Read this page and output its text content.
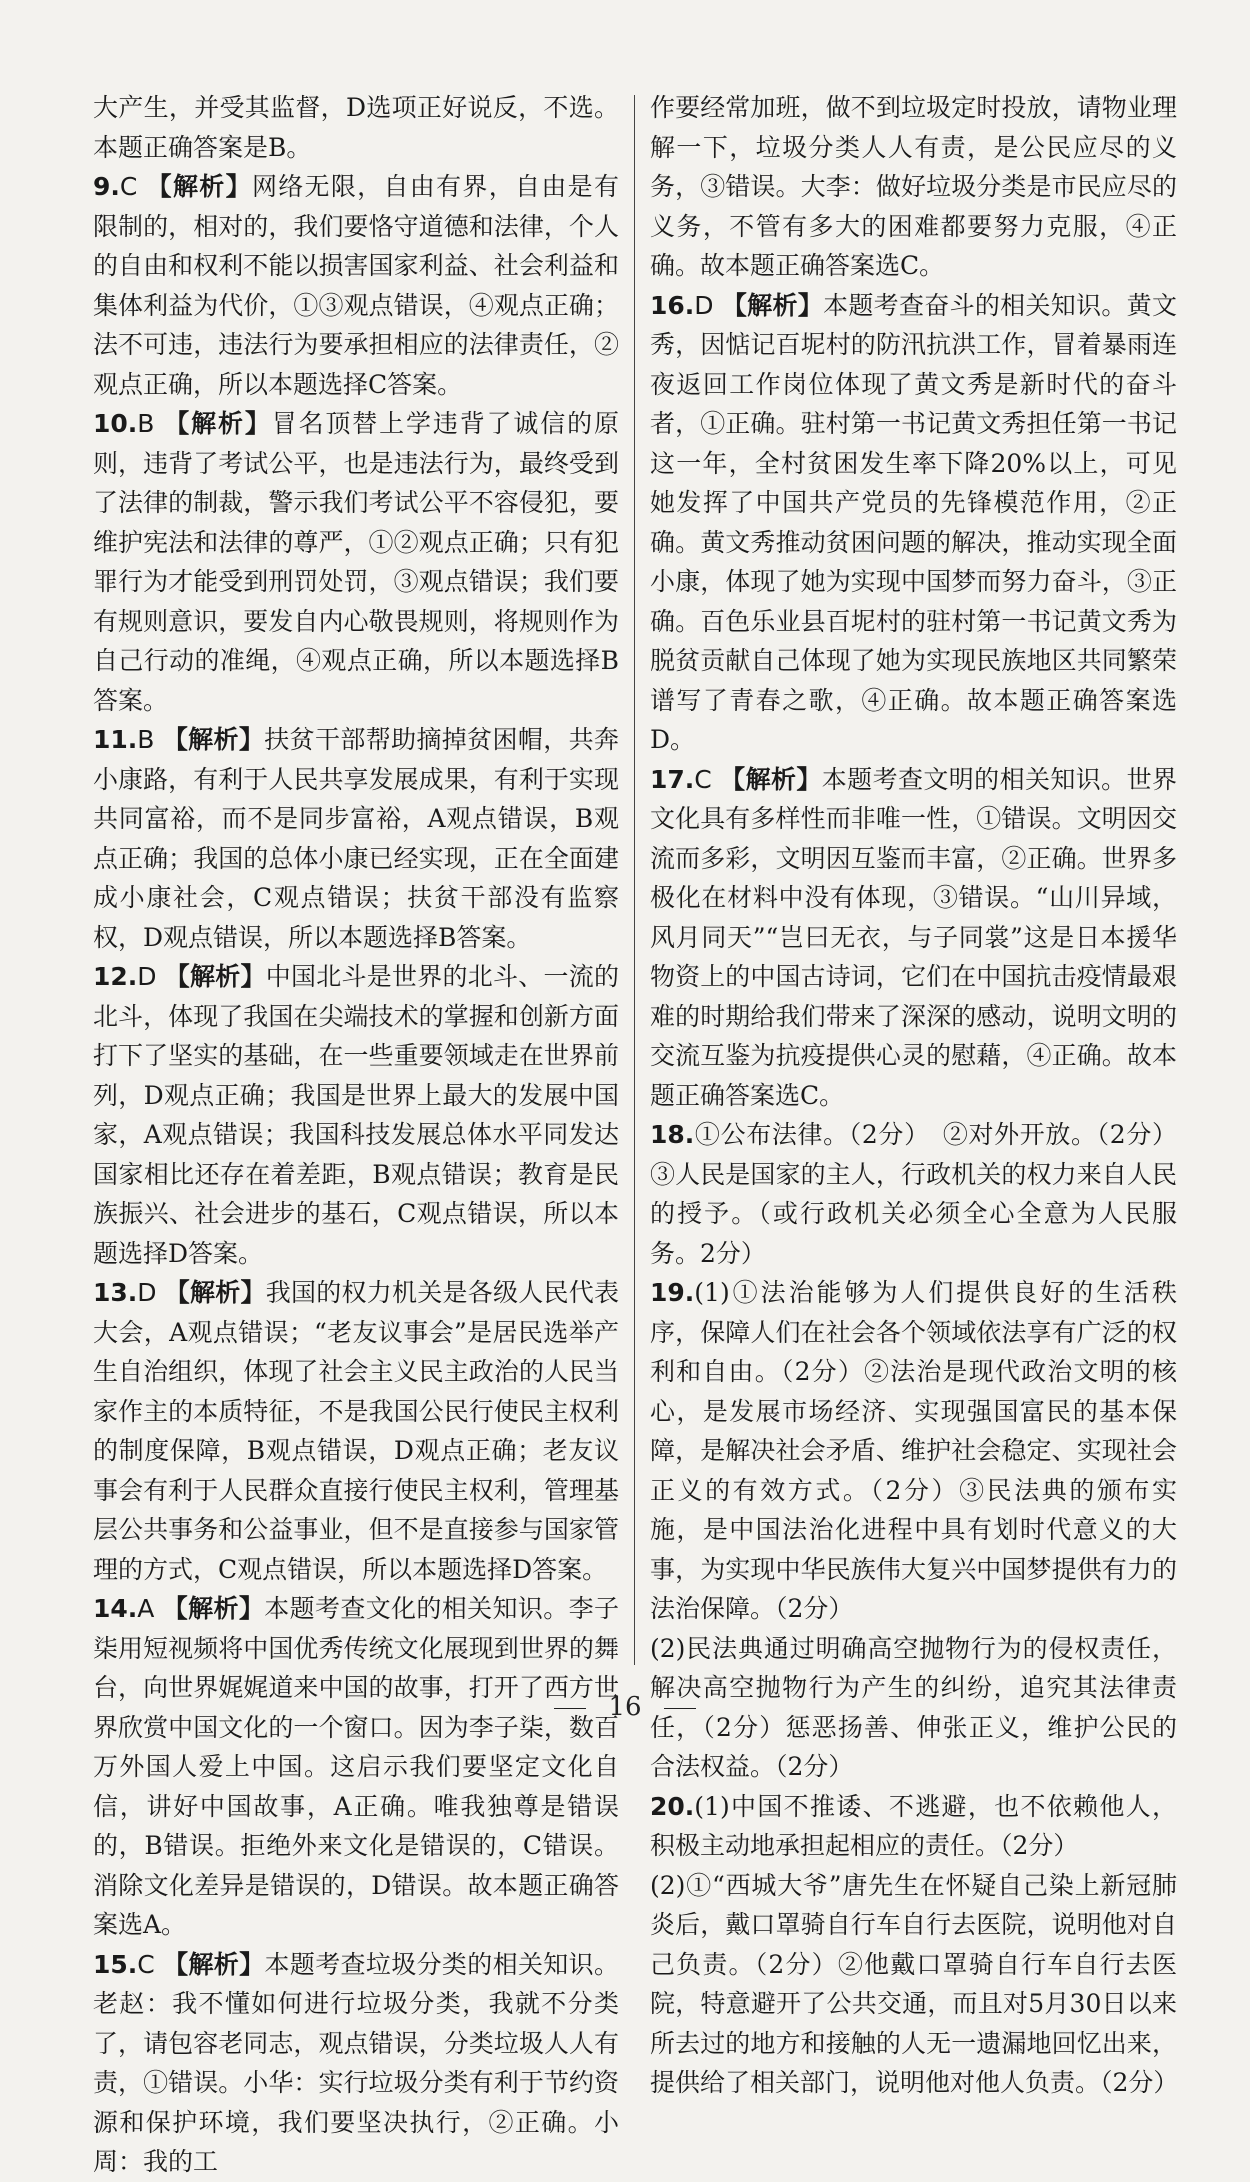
大产生，并受其监督，D选项正好说反，不选。本题正确答案是B。

9.C 【解析】网络无限，自由有界，自由是有限制的，相对的，我们要恪守道德和法律，个人的自由和权利不能以损害国家利益、社会利益和集体利益为代价，①③观点错误，④观点正确；法不可违，违法行为要承担相应的法律责任，②观点正确，所以本题选择C答案。

10.B 【解析】冒名顶替上学违背了诚信的原则，违背了考试公平，也是违法行为，最终受到了法律的制裁，警示我们考试公平不容侵犯，要维护宪法和法律的尊严，①②观点正确；只有犯罪行为才能受到刑罚处罚，③观点错误；我们要有规则意识，要发自内心敬畏规则，将规则作为自己行动的准绳，④观点正确，所以本题选择B答案。

11.B 【解析】扶贫干部帮助摘掉贫困帽，共奔小康路，有利于人民共享发展成果，有利于实现共同富裕，而不是同步富裕，A观点错误，B观点正确；我国的总体小康已经实现，正在全面建成小康社会，C观点错误；扶贫干部没有监察权，D观点错误，所以本题选择B答案。

12.D 【解析】中国北斗是世界的北斗、一流的北斗，体现了我国在尖端技术的掌握和创新方面打下了坚实的基础，在一些重要领域走在世界前列，D观点正确；我国是世界上最大的发展中国家，A观点错误；我国科技发展总体水平同发达国家相比还存在着差距，B观点错误；教育是民族振兴、社会进步的基石，C观点错误，所以本题选择D答案。

13.D 【解析】我国的权力机关是各级人民代表大会，A观点错误；“老友议事会”是居民选举产生自治组织，体现了社会主义民主政治的人民当家作主的本质特征，不是我国公民行使民主权利的制度保障，B观点错误，D观点正确；老友议事会有利于人民群众直接行使民主权利，管理基层公共事务和公益事业，但不是直接参与国家管理的方式，C观点错误，所以本题选择D答案。

14.A 【解析】本题考查文化的相关知识。李子柒用短视频将中国优秀传统文化展现到世界的舞台，向世界娓娓道来中国的故事，打开了西方世界欣赏中国文化的一个窗口。因为李子柒，数百万外国人爱上中国。这启示我们要坚定文化自信，讲好中国故事，A正确。唯我独尊是错误的，B错误。拒绝外来文化是错误的，C错误。消除文化差异是错误的，D错误。故本题正确答案选A。

15.C 【解析】本题考查垃圾分类的相关知识。老赵：我不懂如何进行垃圾分类，我就不分类了，请包容老同志，观点错误，分类垃圾人人有责，①错误。小华：实行垃圾分类有利于节约资源和保护环境，我们要坚决执行，②正确。小周：我的工

作要经常加班，做不到垃圾定时投放，请物业理解一下，垃圾分类人人有责，是公民应尽的义务，③错误。大李：做好垃圾分类是市民应尽的义务，不管有多大的困难都要努力克服，④正确。故本题正确答案选C。

16.D 【解析】本题考查奋斗的相关知识。黄文秀，因惦记百坭村的防汛抗洪工作，冒着暴雨连夜返回工作岗位体现了黄文秀是新时代的奋斗者，①正确。驻村第一书记黄文秀担任第一书记这一年，全村贫困发生率下降20%以上，可见她发挥了中国共产党员的先锋模范作用，②正确。黄文秀推动贫困问题的解决，推动实现全面小康，体现了她为实现中国梦而努力奋斗，③正确。百色乐业县百坭村的驻村第一书记黄文秀为脱贫贡献自己体现了她为实现民族地区共同繁荣谱写了青春之歌，④正确。故本题正确答案选D。

17.C 【解析】本题考查文明的相关知识。世界文化具有多样性而非唯一性，①错误。文明因交流而多彩，文明因互鉴而丰富，②正确。世界多极化在材料中没有体现，③错误。“山川异域，风月同天”“岂曰无衣，与子同裳”这是日本援华物资上的中国古诗词，它们在中国抗击疫情最艰难的时期给我们带来了深深的感动，说明文明的交流互鉴为抗疫提供心灵的慰藉，④正确。故本题正确答案选C。

18.①公布法律。（2分）　②对外开放。（2分）③人民是国家的主人，行政机关的权力来自人民的授予。（或行政机关必须全心全意为人民服务。2分）

19.(1)①法治能够为人们提供良好的生活秩序，保障人们在社会各个领域依法享有广泛的权利和自由。（2分）②法治是现代政治文明的核心，是发展市场经济、实现强国富民的基本保障，是解决社会矛盾、维护社会稳定、实现社会正义的有效方式。（2分）③民法典的颁布实施，是中国法治化进程中具有划时代意义的大事，为实现中华民族伟大复兴中国梦提供有力的法治保障。（2分）

(2)民法典通过明确高空抛物行为的侵权责任，解决高空抛物行为产生的纠纷，追究其法律责任，（2分）惩恶扬善、伸张正义，维护公民的合法权益。（2分）

20.(1)中国不推诿、不逃避，也不依赖他人，积极主动地承担起相应的责任。（2分）

(2)①“西城大爷”唐先生在怀疑自己染上新冠肺炎后，戴口罩骑自行车自行去医院，说明他对自己负责。（2分）②他戴口罩骑自行车自行去医院，特意避开了公共交通，而且对5月30日以来所去过的地方和接触的人无一遗漏地回忆出来，提供给了相关部门，说明他对他人负责。（2分）

16
